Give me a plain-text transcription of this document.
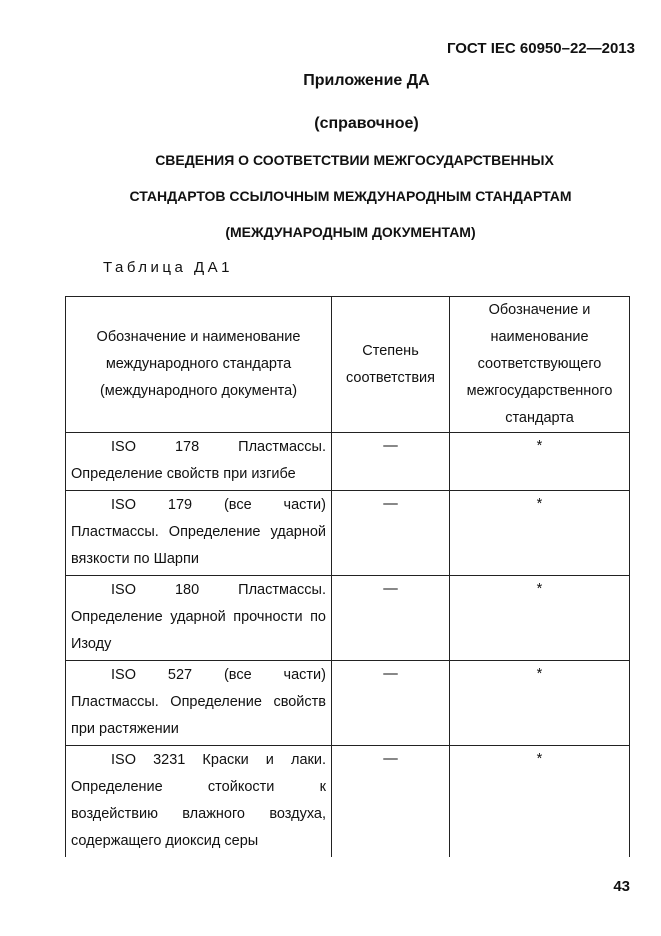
ГОСТ IEC 60950–22—2013
Приложение ДА
(справочное)
СВЕДЕНИЯ О СООТВЕТСТВИИ МЕЖГОСУДАРСТВЕННЫХ
СТАНДАРТОВ ССЫЛОЧНЫМ МЕЖДУНАРОДНЫМ СТАНДАРТАМ
(МЕЖДУНАРОДНЫМ ДОКУМЕНТАМ)
Таблица ДА1
Обозначение и наименование международного стандарта (международного документа)	Степень соответствия	Обозначение и наименование соответствующего межгосударственного стандарта

ISO 178 Пластмассы. Определение свойств при изгибе	—	*

ISO 179 (все части) Пластмассы. Определение ударной вязкости по Шарпи	—	*

ISO 180 Пластмассы. Определение ударной прочности по Изоду	—	*

ISO 527 (все части) Пластмассы. Определение свойств при растяжении	—	*

ISO 3231 Краски и лаки. Определение стойкости к воздействию влажного воздуха, содержащего диоксид серы	—	*
43
